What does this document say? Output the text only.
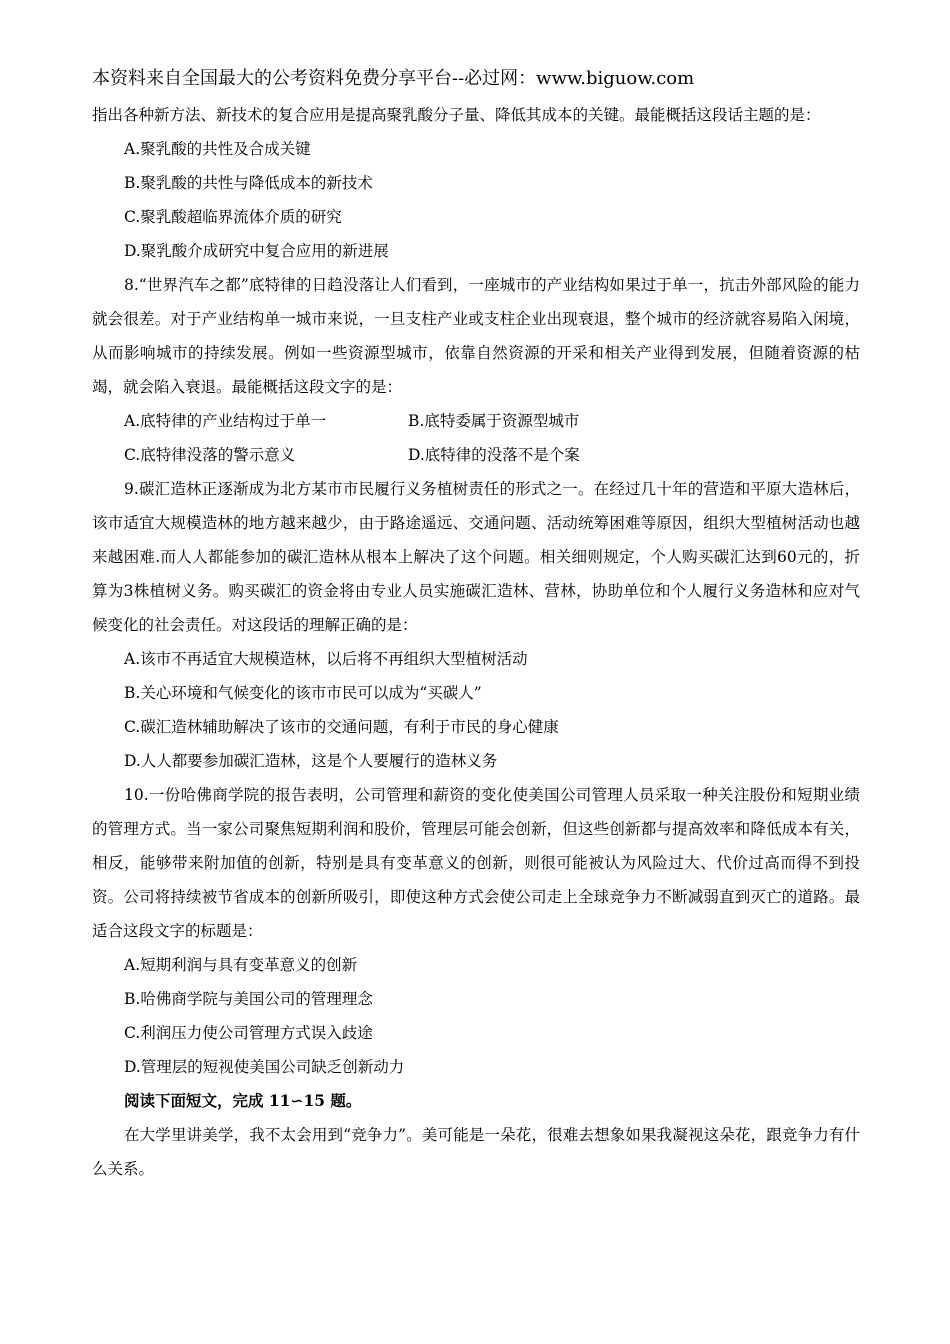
本资料来自全国最大的公考资料免费分享平台--必过网：www.biguow.com

指出各种新方法、新技术的复合应用是提高聚乳酸分子量、降低其成本的关键。最能概括这段话主题的是：

A.聚乳酸的共性及合成关键

B.聚乳酸的共性与降低成本的新技术

C.聚乳酸超临界流体介质的研究

D.聚乳酸介成研究中复合应用的新进展

8.“世界汽车之都”底特律的日趋没落让人们看到，一座城市的产业结构如果过于单一，抗击外部风险的能力就会很差。对于产业结构单一城市来说，一旦支柱产业或支柱企业出现衰退，整个城市的经济就容易陷入闲境，从而影响城市的持续发展。例如一些资源型城市，依靠自然资源的开采和相关产业得到发展，但随着资源的枯竭，就会陷入衰退。最能概括这段文字的是：

A.底特律的产业结构过于单一	B.底特委属于资源型城市
C.底特律没落的警示意义	D.底特律的没落不是个案

9.碳汇造林正逐渐成为北方某市市民履行义务植树责任的形式之一。在经过几十年的营造和平原大造林后，该市适宜大规模造林的地方越来越少，由于路途遥远、交通问题、活动统筹困难等原因，组织大型植树活动也越来越困难.而人人都能参加的碳汇造林从根本上解决了这个问题。相关细则规定，个人购买碳汇达到60元的，折算为3株植树义务。购买碳汇的资金将由专业人员实施碳汇造林、营林，协助单位和个人履行义务造林和应对气候变化的社会责任。对这段话的理解正确的是：

A.该市不再适宜大规模造林，以后将不再组织大型植树活动

B.关心环境和气候变化的该市市民可以成为“买碳人”

C.碳汇造林辅助解决了该市的交通问题，有利于市民的身心健康

D.人人都要参加碳汇造林，这是个人要履行的造林义务

10.一份哈佛商学院的报告表明，公司管理和薪资的变化使美国公司管理人员采取一种关注股份和短期业绩的管理方式。当一家公司聚焦短期利润和股价，管理层可能会创新，但这些创新都与提高效率和降低成本有关，相反，能够带来附加值的创新，特别是具有变革意义的创新，则很可能被认为风险过大、代价过高而得不到投资。公司将持续被节省成本的创新所吸引，即使这种方式会使公司走上全球竞争力不断减弱直到灭亡的道路。最适合这段文字的标题是：

A.短期利润与具有变革意义的创新

B.哈佛商学院与美国公司的管理理念

C.利润压力使公司管理方式误入歧途

D.管理层的短视使美国公司缺乏创新动力

阅读下面短文，完成 11∽15 题。

在大学里讲美学，我不太会用到“竞争力”。美可能是一朵花，很难去想象如果我凝视这朵花，跟竞争力有什么关系。
